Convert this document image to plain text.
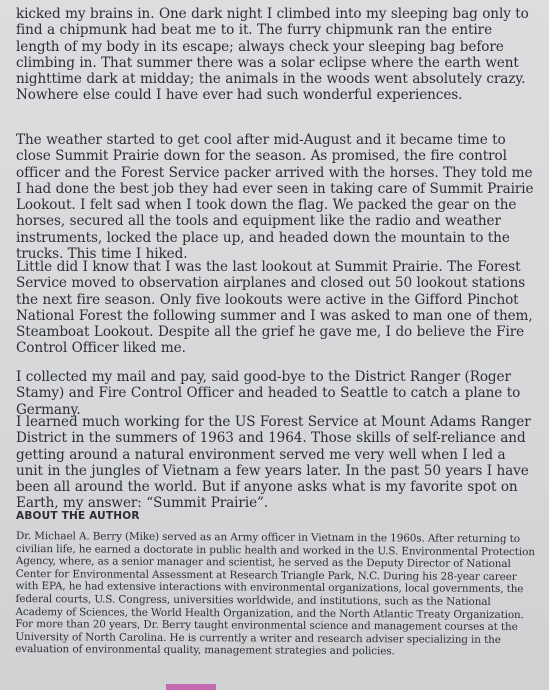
kicked my brains in. One dark night I climbed into my sleeping bag only to find a chipmunk had beat me to it. The furry chipmunk ran the entire length of my body in its escape; always check your sleeping bag before climbing in. That summer there was a solar eclipse where the earth went nighttime dark at midday; the animals in the woods went absolutely crazy. Nowhere else could I have ever had such wonderful experiences.

The weather started to get cool after mid-August and it became time to close Summit Prairie down for the season. As promised, the fire control officer and the Forest Service packer arrived with the horses. They told me I had done the best job they had ever seen in taking care of Summit Prairie Lookout. I felt sad when I took down the flag. We packed the gear on the horses, secured all the tools and equipment like the radio and weather instruments, locked the place up, and headed down the mountain to the trucks. This time I hiked.

Little did I know that I was the last lookout at Summit Prairie. The Forest Service moved to observation airplanes and closed out 50 lookout stations the next fire season. Only five lookouts were active in the Gifford Pinchot National Forest the following summer and I was asked to man one of them, Steamboat Lookout. Despite all the grief he gave me, I do believe the Fire Control Officer liked me.

I collected my mail and pay, said good-bye to the District Ranger (Roger Stamy) and Fire Control Officer and headed to Seattle to catch a plane to Germany.

I learned much working for the US Forest Service at Mount Adams Ranger District in the summers of 1963 and 1964. Those skills of self-reliance and getting around a natural environment served me very well when I led a unit in the jungles of Vietnam a few years later. In the past 50 years I have been all around the world. But if anyone asks what is my favorite spot on Earth, my answer: “Summit Prairie”.

ABOUT THE AUTHOR

Dr. Michael A. Berry (Mike) served as an Army officer in Vietnam in the 1960s. After returning to civilian life, he earned a doctorate in public health and worked in the U.S. Environmental Protection Agency, where, as a senior manager and scientist, he served as the Deputy Director of National Center for Environmental Assessment at Research Triangle Park, N.C. During his 28-year career with EPA, he had extensive interactions with environmental organizations, local governments, the federal courts, U.S. Congress, universities worldwide, and institutions, such as the National Academy of Sciences, the World Health Organization, and the North Atlantic Treaty Organization. For more than 20 years, Dr. Berry taught environmental science and management courses at the University of North Carolina. He is currently a writer and research adviser specializing in the evaluation of environmental quality, management strategies and policies.
